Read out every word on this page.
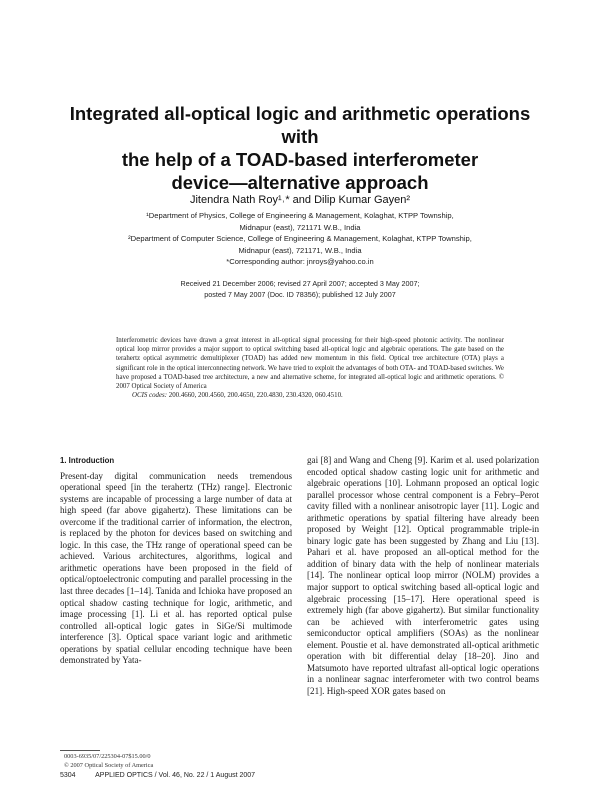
Integrated all-optical logic and arithmetic operations with
the help of a TOAD-based interferometer
device—alternative approach
Jitendra Nath Roy¹˒* and Dilip Kumar Gayen²

¹Department of Physics, College of Engineering & Management, Kolaghat, KTPP Township,

Midnapur (east), 721171 W.B., India

²Department of Computer Science, College of Engineering & Management, Kolaghat, KTPP Township,

Midnapur (east), 721171, W.B., India

*Corresponding author: jnroys@yahoo.co.in

Received 21 December 2006; revised 27 April 2007; accepted 3 May 2007;

posted 7 May 2007 (Doc. ID 78356); published 12 July 2007

Interferometric devices have drawn a great interest in all-optical signal processing for their high-speed photonic activity. The nonlinear optical loop mirror provides a major support to optical switching based all-optical logic and algebraic operations. The gate based on the terahertz optical asymmetric demultiplexer (TOAD) has added new momentum in this field. Optical tree architecture (OTA) plays a significant role in the optical interconnecting network. We have tried to exploit the advantages of both OTA- and TOAD-based switches. We have proposed a TOAD-based tree architecture, a new and alternative scheme, for integrated all-optical logic and arithmetic operations. © 2007 Optical Society of America

OCIS codes: 200.4660, 200.4560, 200.4650, 220.4830, 230.4320, 060.4510.

1. Introduction

Present-day digital communication needs tremendous operational speed [in the terahertz (THz) range]. Electronic systems are incapable of processing a large number of data at high speed (far above gigahertz). These limitations can be overcome if the traditional carrier of information, the electron, is replaced by the photon for devices based on switching and logic. In this case, the THz range of operational speed can be achieved. Various architectures, algorithms, logical and arithmetic operations have been proposed in the field of optical/optoelectronic computing and parallel processing in the last three decades [1–14]. Tanida and Ichioka have proposed an optical shadow casting technique for logic, arithmetic, and image processing [1]. Li et al. has reported optical pulse controlled all-optical logic gates in SiGe/Si multimode interference [3]. Optical space variant logic and arithmetic operations by spatial cellular encoding technique have been demonstrated by Yata-

gai [8] and Wang and Cheng [9]. Karim et al. used polarization encoded optical shadow casting logic unit for arithmetic and algebraic operations [10]. Lohmann proposed an optical logic parallel processor whose central component is a Febry–Perot cavity filled with a nonlinear anisotropic layer [11]. Logic and arithmetic operations by spatial filtering have already been proposed by Weight [12]. Optical programmable triple-in binary logic gate has been suggested by Zhang and Liu [13]. Pahari et al. have proposed an all-optical method for the addition of binary data with the help of nonlinear materials [14]. The nonlinear optical loop mirror (NOLM) provides a major support to optical switching based all-optical logic and algebraic processing [15–17]. Here operational speed is extremely high (far above gigahertz). But similar functionality can be achieved with interferometric gates using semiconductor optical amplifiers (SOAs) as the nonlinear element. Poustie et al. have demonstrated all-optical arithmetic operation with bit differential delay [18–20]. Jino and Matsumoto have reported ultrafast all-optical logic operations in a nonlinear sagnac interferometer with two control beams [21]. High-speed XOR gates based on

0003-6935/07/225304-07$15.00/0

© 2007 Optical Society of America

5304	APPLIED OPTICS / Vol. 46, No. 22 / 1 August 2007
